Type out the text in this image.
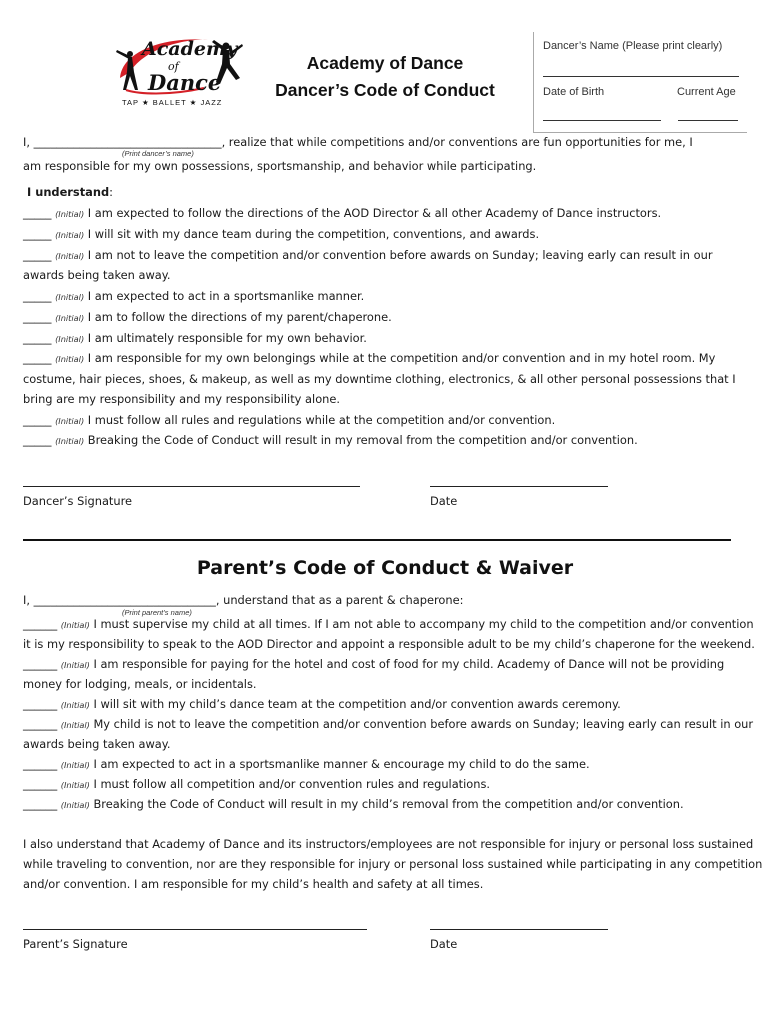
Academy
of
Dance
TAP ★ BALLET ★ JAZZ
Academy of Dance
Dancer’s Code of Conduct
Dancer’s Name (Please print clearly)
Date of Birth	Current Age
I, _________________________________, realize that while competitions and/or conventions are fun opportunities for me, I
(Print dancer’s name)
am responsible for my own possessions, sportsmanship, and behavior while participating.
I understand:
_____ (Initial) I am expected to follow the directions of the AOD Director & all other Academy of Dance instructors.
_____ (Initial) I will sit with my dance team during the competition, conventions, and awards.
_____ (Initial) I am not to leave the competition and/or convention before awards on Sunday; leaving early can result in our
awards being taken away.
_____ (Initial) I am expected to act in a sportsmanlike manner.
_____ (Initial) I am to follow the directions of my parent/chaperone.
_____ (Initial) I am ultimately responsible for my own behavior.
_____ (Initial) I am responsible for my own belongings while at the competition and/or convention and in my hotel room. My
costume, hair pieces, shoes, & makeup, as well as my downtime clothing, electronics, & all other personal possessions that I
bring are my responsibility and my responsibility alone.
_____ (Initial) I must follow all rules and regulations while at the competition and/or convention.
_____ (Initial) Breaking the Code of Conduct will result in my removal from the competition and/or convention.
Dancer’s Signature	Date
Parent’s Code of Conduct & Waiver
I, ________________________________, understand that as a parent & chaperone:
(Print parent’s name)
______ (Initial) I must supervise my child at all times. If I am not able to accompany my child to the competition and/or convention
it is my responsibility to speak to the AOD Director and appoint a responsible adult to be my child’s chaperone for the weekend.
______ (Initial) I am responsible for paying for the hotel and cost of food for my child. Academy of Dance will not be providing
money for lodging, meals, or incidentals.
______ (Initial) I will sit with my child’s dance team at the competition and/or convention awards ceremony.
______ (Initial) My child is not to leave the competition and/or convention before awards on Sunday; leaving early can result in our
awards being taken away.
______ (Initial) I am expected to act in a sportsmanlike manner & encourage my child to do the same.
______ (Initial) I must follow all competition and/or convention rules and regulations.
______ (Initial) Breaking the Code of Conduct will result in my child’s removal from the competition and/or convention.
I also understand that Academy of Dance and its instructors/employees are not responsible for injury or personal loss sustained
while traveling to convention, nor are they responsible for injury or personal loss sustained while participating in any competition
and/or convention. I am responsible for my child’s health and safety at all times.
Parent’s Signature	Date
